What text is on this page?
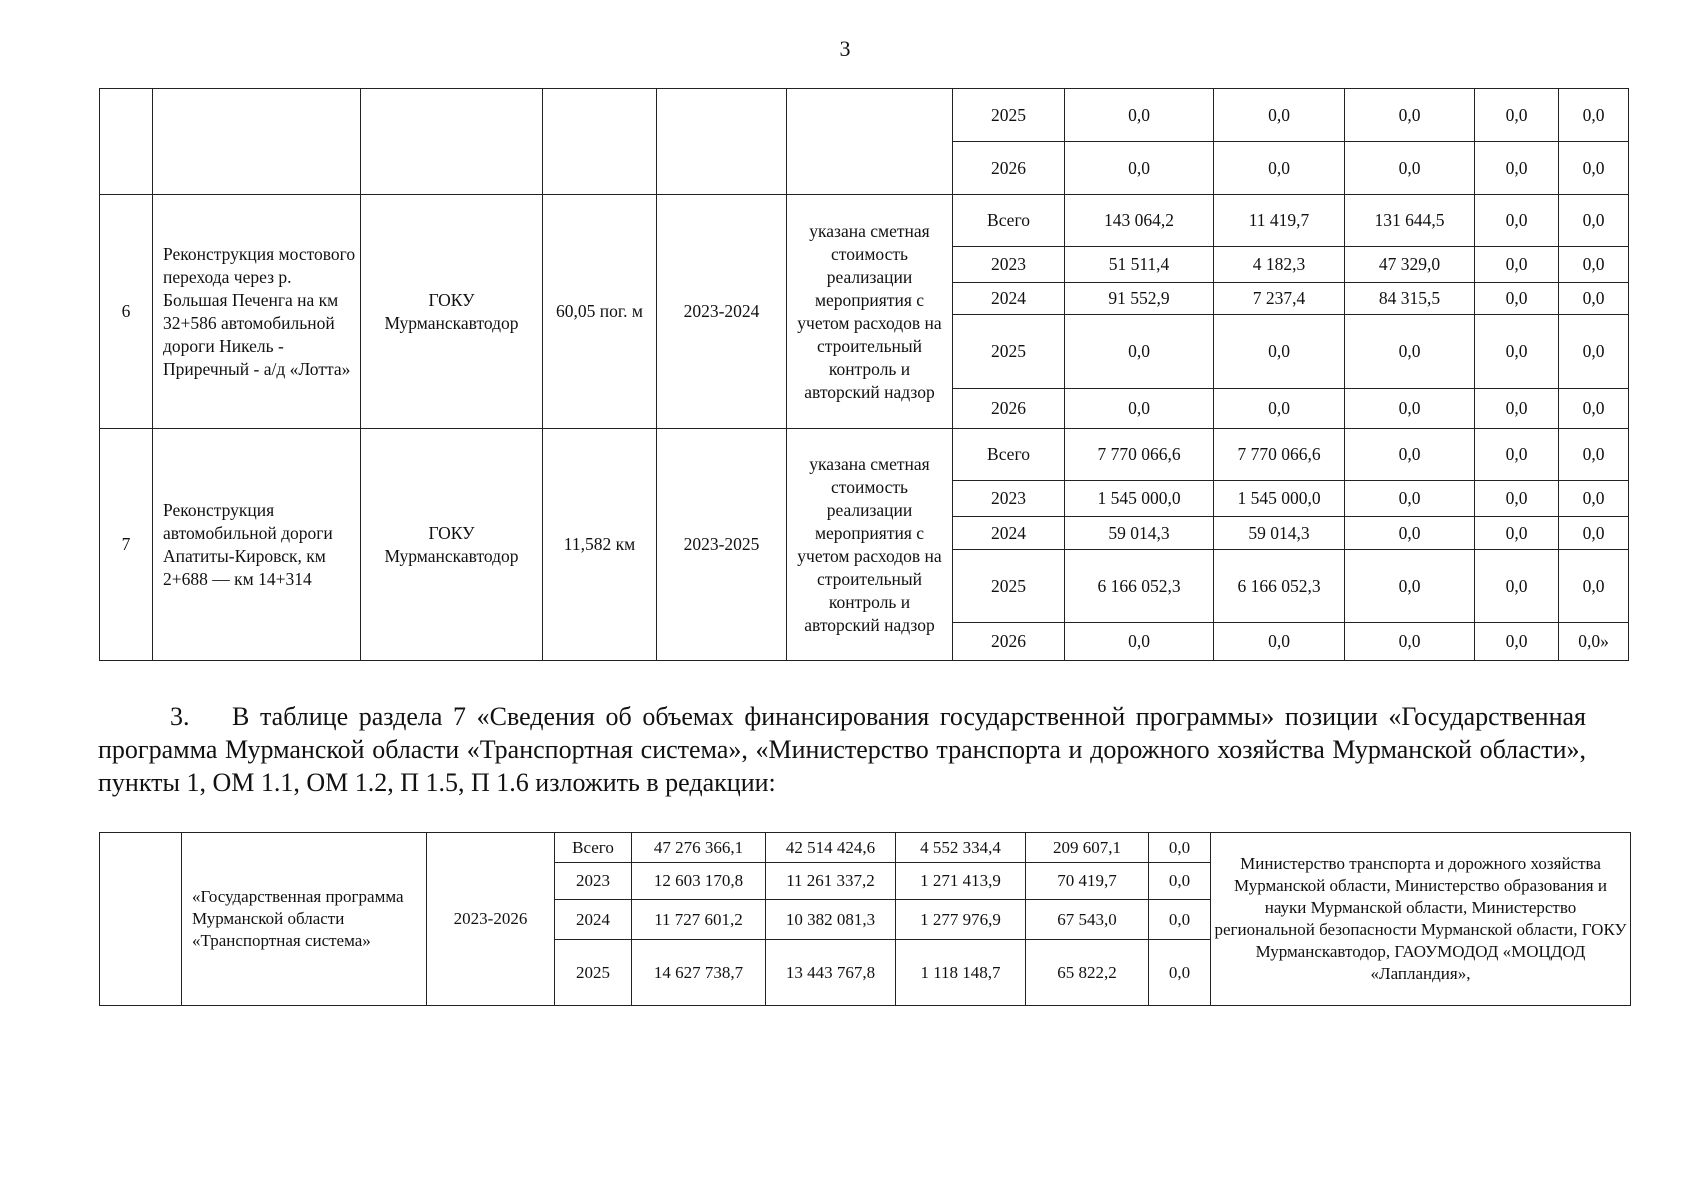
3
						2025	0,0	0,0	0,0	0,0	0,0
						2026	0,0	0,0	0,0	0,0	0,0
6	Реконструкция мостового перехода через р. Большая Печенга на км 32+586 автомобильной дороги Никель - Приречный - а/д «Лотта»	ГОКУ Мурманскавтодор	60,05 пог. м	2023-2024	указана сметная стоимость реализации мероприятия с учетом расходов на строительный контроль и авторский надзор	Всего	143 064,2	11 419,7	131 644,5	0,0	0,0
						2023	51 511,4	4 182,3	47 329,0	0,0	0,0
						2024	91 552,9	7 237,4	84 315,5	0,0	0,0
						2025	0,0	0,0	0,0	0,0	0,0
						2026	0,0	0,0	0,0	0,0	0,0
7	Реконструкция автомобильной дороги Апатиты-Кировск, км 2+688 — км 14+314	ГОКУ Мурманскавтодор	11,582 км	2023-2025	указана сметная стоимость реализации мероприятия с учетом расходов на строительный контроль и авторский надзор	Всего	7 770 066,6	7 770 066,6	0,0	0,0	0,0
						2023	1 545 000,0	1 545 000,0	0,0	0,0	0,0
						2024	59 014,3	59 014,3	0,0	0,0	0,0
						2025	6 166 052,3	6 166 052,3	0,0	0,0	0,0
						2026	0,0	0,0	0,0	0,0	0,0»
3. В таблице раздела 7 «Сведения об объемах финансирования государственной программы» позиции «Государственная программа Мурманской области «Транспортная система», «Министерство транспорта и дорожного хозяйства Мурманской области», пункты 1, ОМ 1.1, ОМ 1.2, П 1.5, П 1.6 изложить в редакции:
	«Государственная программа Мурманской области «Транспортная система»	2023-2026	Всего	47 276 366,1	42 514 424,6	4 552 334,4	209 607,1	0,0	Министерство транспорта и дорожного хозяйства Мурманской области, Министерство образования и науки Мурманской области, Министерство региональной безопасности Мурманской области, ГОКУ Мурманскавтодор, ГАОУМОДОД «МОЦДОД «Лапландия»,
			2023	12 603 170,8	11 261 337,2	1 271 413,9	70 419,7	0,0	
			2024	11 727 601,2	10 382 081,3	1 277 976,9	67 543,0	0,0	
			2025	14 627 738,7	13 443 767,8	1 118 148,7	65 822,2	0,0	
